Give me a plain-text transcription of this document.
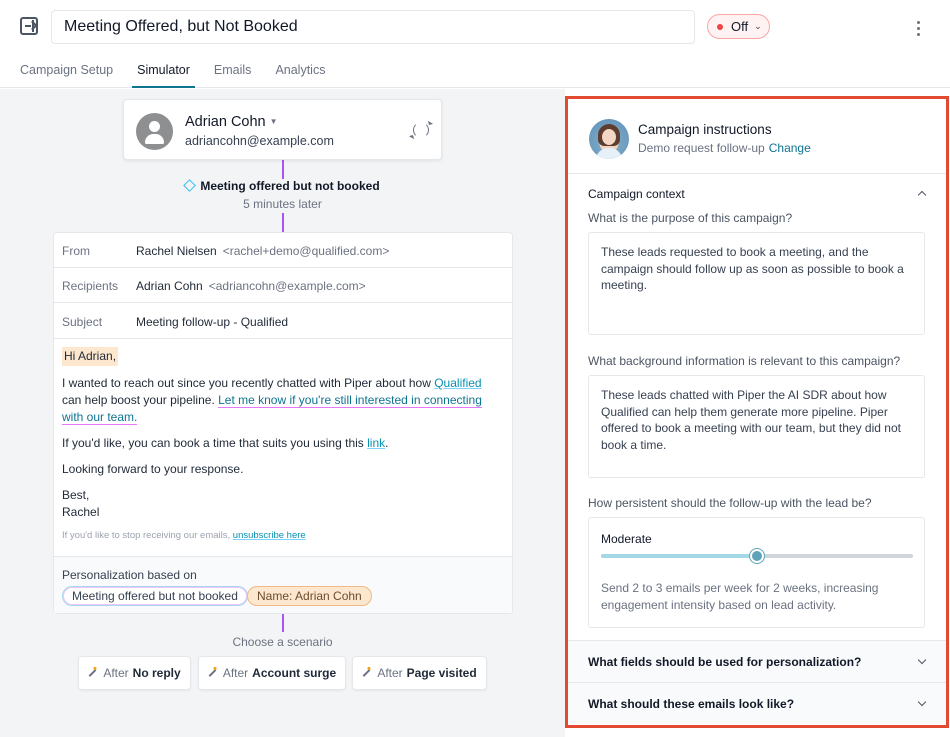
Meeting Offered, but Not Booked	Off ⌄
Campaign Setup	Simulator	Emails Analytics
Adrian Cohn ▼
adriancohn@example.com
Meeting offered but not booked
5 minutes later
From	Rachel Nielsen <rachel+demo@qualified.com>
Recipients Adrian Cohn <adriancohn@example.com>
Subject	Meeting follow-up - Qualified
Hi Adrian,
I wanted to reach out since you recently chatted with Piper about how Qualified can help boost your pipeline. Let me know if you're still interested in connecting with our team.
If you'd like, you can book a time that suits you using this link.
Looking forward to your response.
Best,
Rachel
If you'd like to stop receiving our emails, unsubscribe here
Personalization based on
Meeting offered but not booked	Name: Adrian Cohn
Choose a scenario
After No reply	After Account surge	After Page visited
Campaign instructions
Demo request follow-up Change
Campaign context
What is the purpose of this campaign?
These leads requested to book a meeting, and the campaign should follow up as soon as possible to book a meeting.
What background information is relevant to this campaign?
These leads chatted with Piper the AI SDR about how Qualified can help them generate more pipeline. Piper offered to book a meeting with our team, but they did not book a time.
How persistent should the follow-up with the lead be?
Moderate
Send 2 to 3 emails per week for 2 weeks, increasing engagement intensity based on lead activity.
What fields should be used for personalization?
What should these emails look like?
